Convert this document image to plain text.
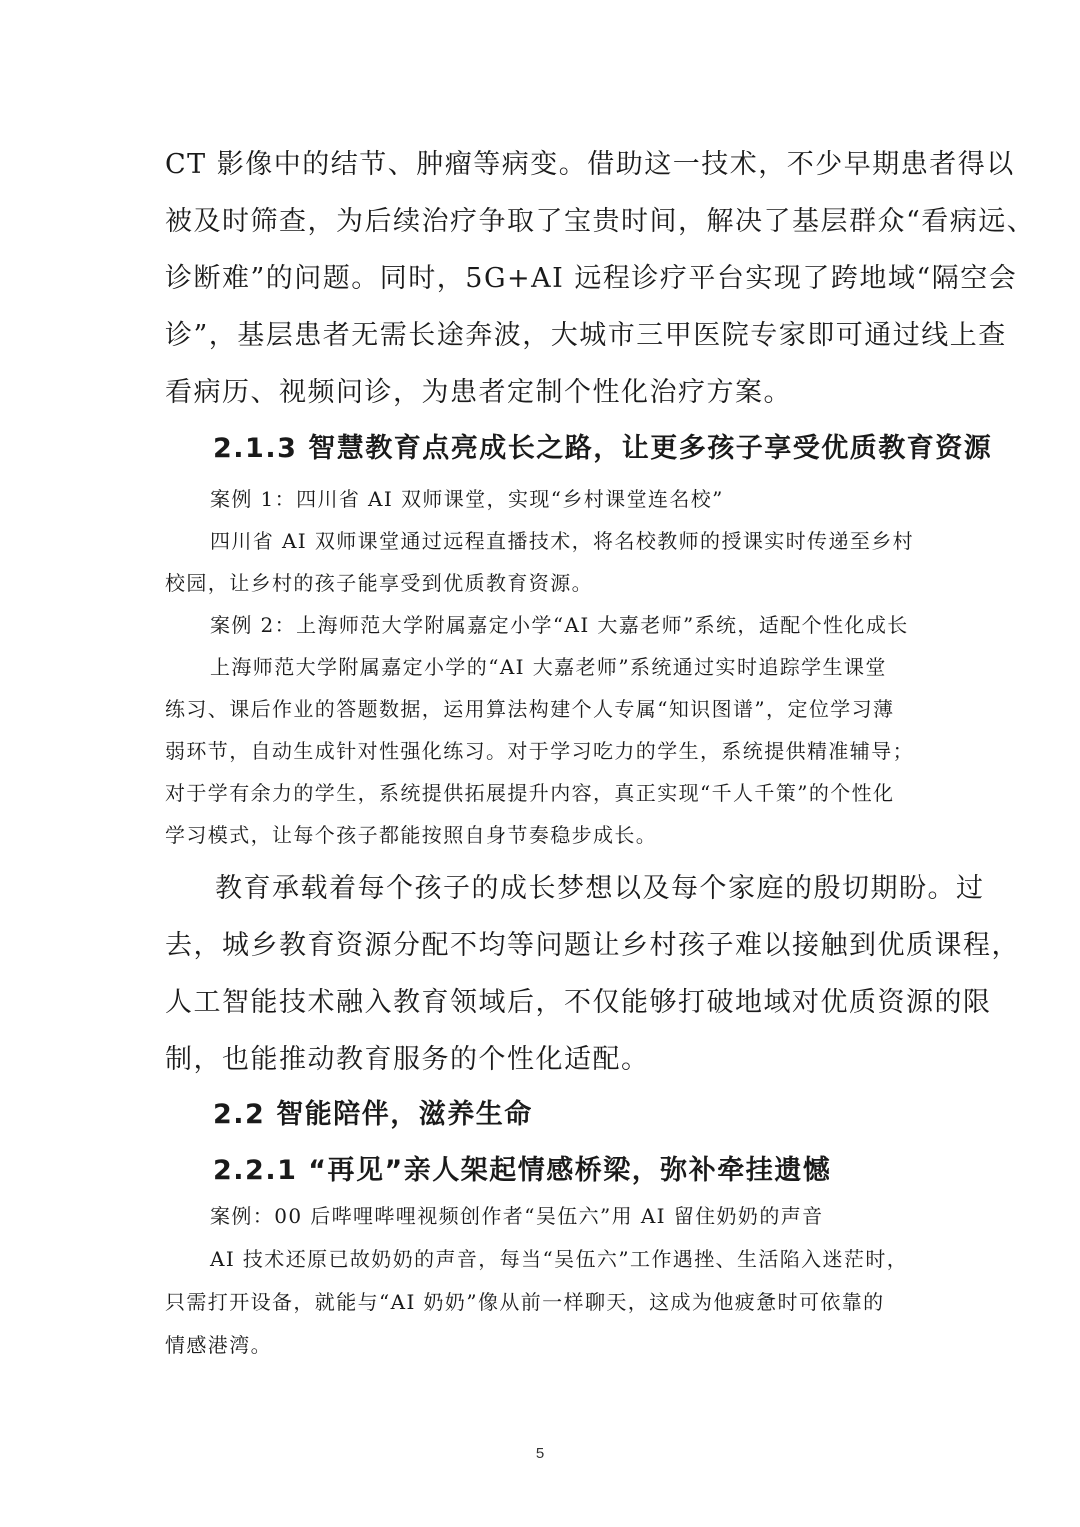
CT 影像中的结节、肿瘤等病变。借助这一技术，不少早期患者得以
被及时筛查，为后续治疗争取了宝贵时间，解决了基层群众“看病远、
诊断难”的问题。同时，5G+AI 远程诊疗平台实现了跨地域“隔空会
诊”，基层患者无需长途奔波，大城市三甲医院专家即可通过线上查
看病历、视频问诊，为患者定制个性化治疗方案。
2.1.3 智慧教育点亮成长之路，让更多孩子享受优质教育资源
案例 1：四川省 AI 双师课堂，实现“乡村课堂连名校”
四川省 AI 双师课堂通过远程直播技术，将名校教师的授课实时传递至乡村
校园，让乡村的孩子能享受到优质教育资源。
案例 2：上海师范大学附属嘉定小学“AI 大嘉老师”系统，适配个性化成长
上海师范大学附属嘉定小学的“AI 大嘉老师”系统通过实时追踪学生课堂
练习、课后作业的答题数据，运用算法构建个人专属“知识图谱”，定位学习薄
弱环节，自动生成针对性强化练习。对于学习吃力的学生，系统提供精准辅导；
对于学有余力的学生，系统提供拓展提升内容，真正实现“千人千策”的个性化
学习模式，让每个孩子都能按照自身节奏稳步成长。
教育承载着每个孩子的成长梦想以及每个家庭的殷切期盼。过
去，城乡教育资源分配不均等问题让乡村孩子难以接触到优质课程，
人工智能技术融入教育领域后，不仅能够打破地域对优质资源的限
制，也能推动教育服务的个性化适配。
2.2 智能陪伴，滋养生命
2.2.1 “再见”亲人架起情感桥梁，弥补牵挂遗憾
案例：00 后哔哩哔哩视频创作者“吴伍六”用 AI 留住奶奶的声音
AI 技术还原已故奶奶的声音，每当“吴伍六”工作遇挫、生活陷入迷茫时，
只需打开设备，就能与“AI 奶奶”像从前一样聊天，这成为他疲惫时可依靠的
情感港湾。
5
